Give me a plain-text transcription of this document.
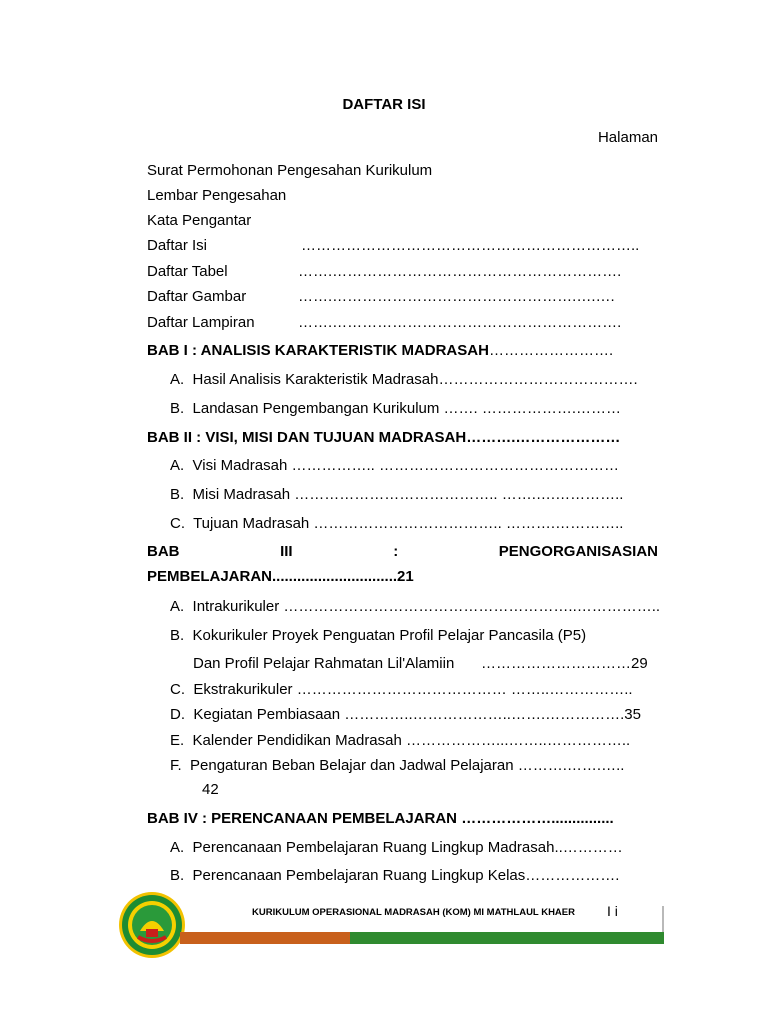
DAFTAR ISI
Halaman
Surat Permohonan Pengesahan Kurikulum
Lembar Pengesahan
Kata Pengantar
Daftar Isi	…………………………………………………………..
Daftar Tabel	…….………………………………………………….
Daftar Gambar	…….………………………………………….….….
Daftar Lampiran	…….………………………………………………….
BAB I : ANALISIS KARAKTERISTIK MADRASAH…………………….
A. Hasil Analisis Karakteristik Madrasah………………………………….
B. Landasan Pengembangan Kurikulum ……. ……………….………
BAB II : VISI, MISI DAN TUJUAN MADRASAH……….…………………
A. Visi Madrasah …………….. …………………………………………
B. Misi Madrasah ………………………………….. …….….…………..
C. Tujuan Madrasah ……………………………….. ……….…………..
BAB	III	:	PENGORGANISASIAN
PEMBELAJARAN..............................21
A. Intrakurikuler …………………………………………………..……………..
B. Kokurikuler Proyek Penguatan Profil Pelajar Pancasila (P5)
Dan Profil Pelajar Rahmatan Lil'Alamiin …………………………29
C. Ekstrakurikuler …………………………………… ……..……………..
D. Kegiatan Pembiasaan …………..………………..…….…………….35
E. Kalender Pendidikan Madrasah ………………...……..……………..
F. Pengaturan Beban Belajar dan Jadwal Pelajaran ……….…….…..
42
BAB IV : PERENCANAAN PEMBELAJARAN ………………...............
A. Perencanaan Pembelajaran Ruang Lingkup Madrasah..…………
B. Perencanaan Pembelajaran Ruang Lingkup Kelas……………….
KURIKULUM OPERASIONAL MADRASAH (KOM) MI MATHLAUL KHAER I i
